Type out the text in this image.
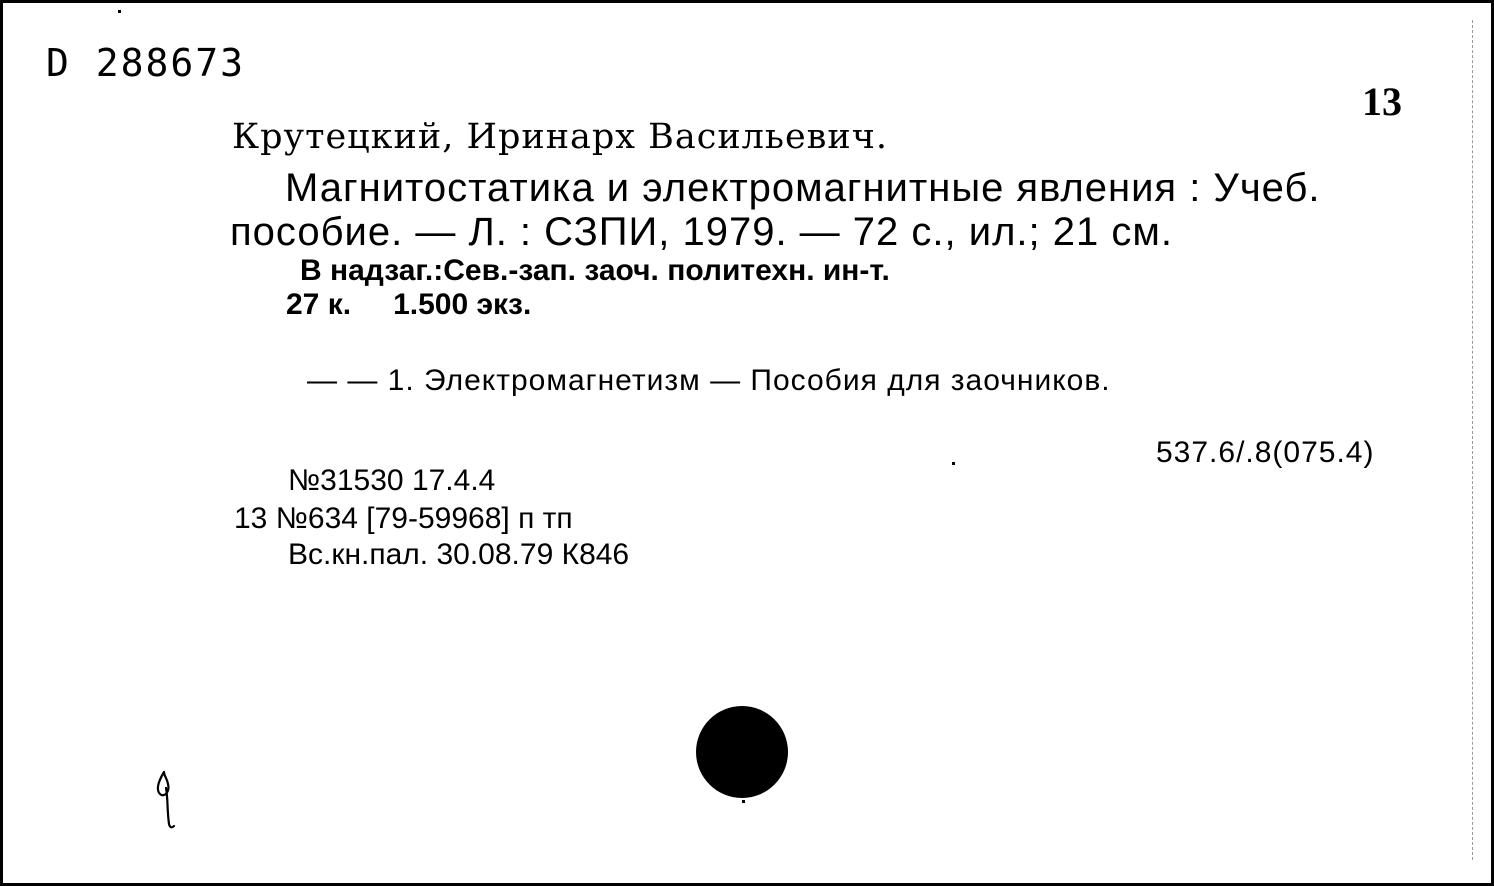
D 288673
13
Крутецкий, Иринарх Васильевич.
Магнитостатика и электромагнитные явления : Учеб.
пособие. — Л. : СЗПИ, 1979. — 72 с., ил.; 21 см.
В надзаг.:Сев.-зап. заоч. политехн. ин-т.
27 к. 1.500 экз.
— — 1. Электромагнетизм — Пособия для заочников.
537.6/.8(075.4)
№31530 17.4.4
13 №634 [79-59968] п тп
Вс.кн.пал. 30.08.79 К846
